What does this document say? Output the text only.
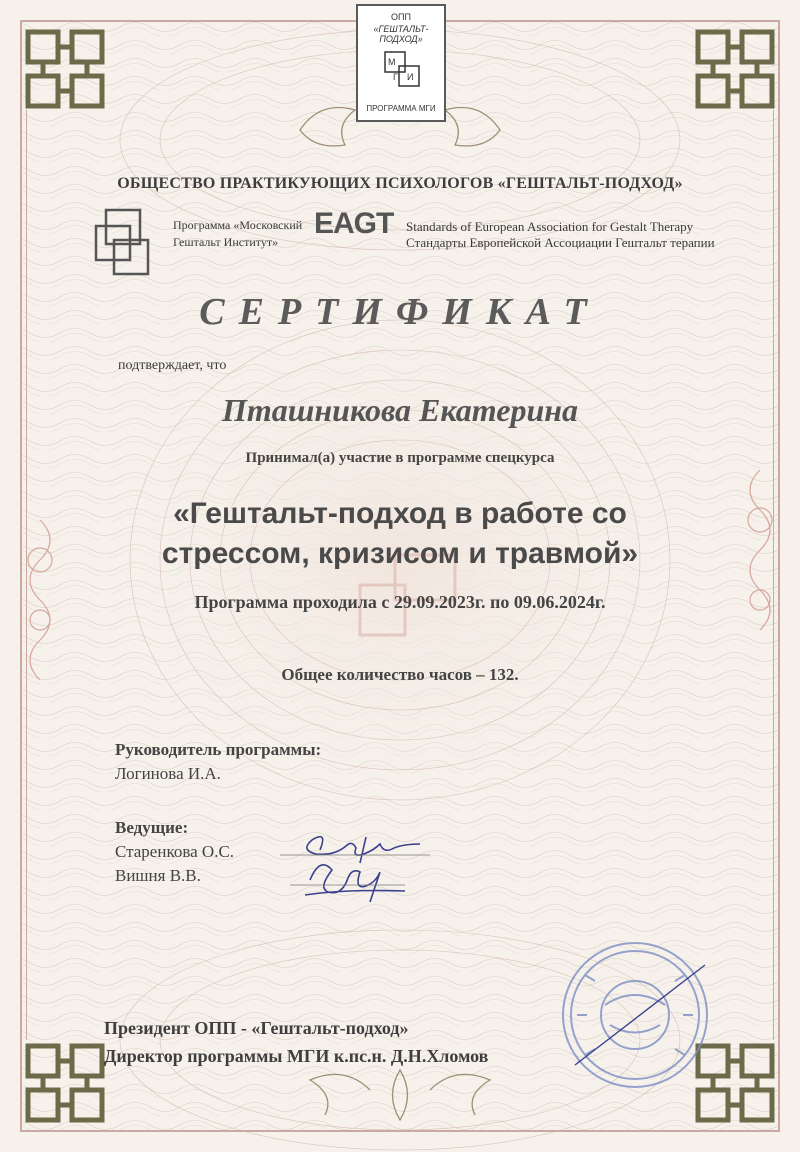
ОПП
«ГЕШТАЛЬТ-ПОДХОД»
М
Г И
ПРОГРАММА МГИ
ОБЩЕСТВО ПРАКТИКУЮЩИХ ПСИХОЛОГОВ «ГЕШТАЛЬТ-ПОДХОД»
Программа «Московский
Гештальт Институт»
EAGT Standards of European Association for Gestalt Therapy
Стандарты Европейской Ассоциации Гештальт терапии
СЕРТИФИКАТ
подтверждает, что
Пташникова Екатерина
Принимал(а) участие в программе спецкурса
«Гештальт-подход в работе со
стрессом, кризисом и травмой»
Программа проходила с 29.09.2023г. по 09.06.2024г.
Общее количество часов – 132.
Руководитель программы:
Логинова И.А.
Ведущие:
Старенкова О.С.
Вишня В.В.
Президент ОПП - «Гештальт-подход»
Директор программы МГИ к.пс.н. Д.Н.Хломов
